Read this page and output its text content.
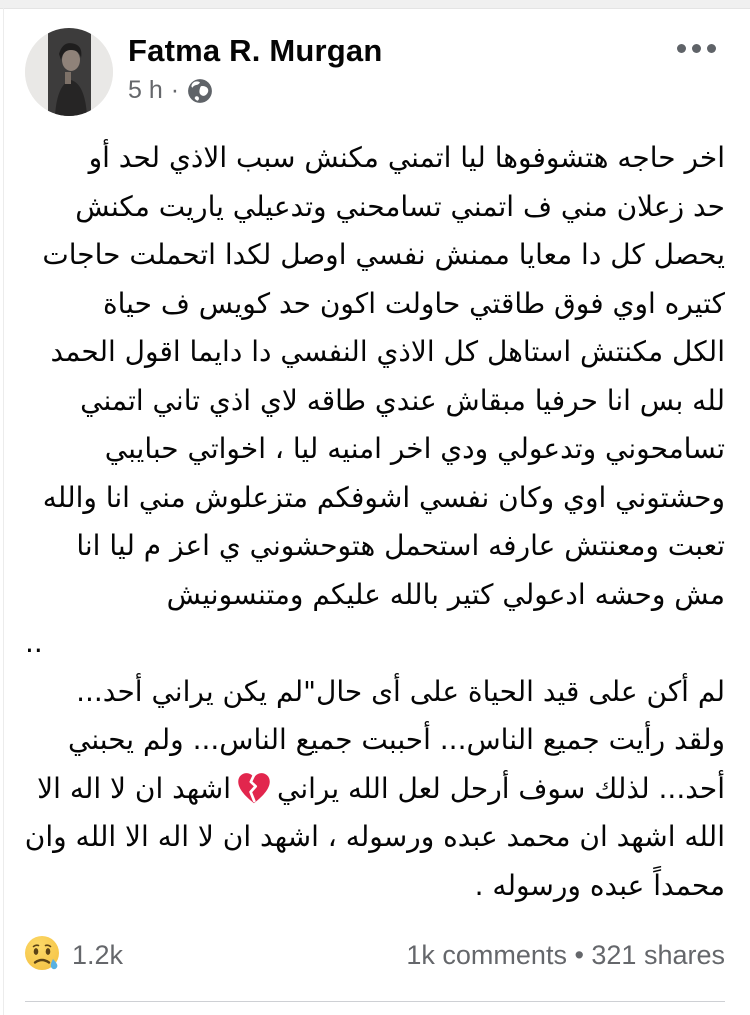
Fatma R. Murgan
5 h ·
اخر حاجه هتشوفوها ليا اتمني مكنش سبب الاذي لحد أو
حد زعلان مني ف اتمني تسامحني وتدعيلي ياريت مكنش
يحصل كل دا معايا ممنش نفسي اوصل لكدا اتحملت حاجات
كتيره اوي فوق طاقتي حاولت اكون حد كويس ف حياة
الكل مكنتش استاهل كل الاذي النفسي دا دايما اقول الحمد
لله بس انا حرفيا مبقاش عندي طاقه لاي اذي تاني اتمني
تسامحوني وتدعولي ودي اخر امنيه ليا ، اخواتي حبايبي
وحشتوني اوي وكان نفسي اشوفكم متزعلوش مني انا والله
تعبت ومعنتش عارفه استحمل هتوحشوني ي اعز م ليا انا
مش وحشه ادعولي كتير بالله عليكم ومتنسونيش
..
لم أكن على قيد الحياة على أى حال"لم يكن يراني أحد...
ولقد رأيت جميع الناس... أحببت جميع الناس... ولم يحبني
أحد... لذلك سوف أرحل لعل الله يرانياشهد ان لا اله الا
الله اشهد ان محمد عبده ورسوله ، اشهد ان لا اله الا الله وان
محمداً عبده ورسوله .
1.2k	1k comments • 321 shares
